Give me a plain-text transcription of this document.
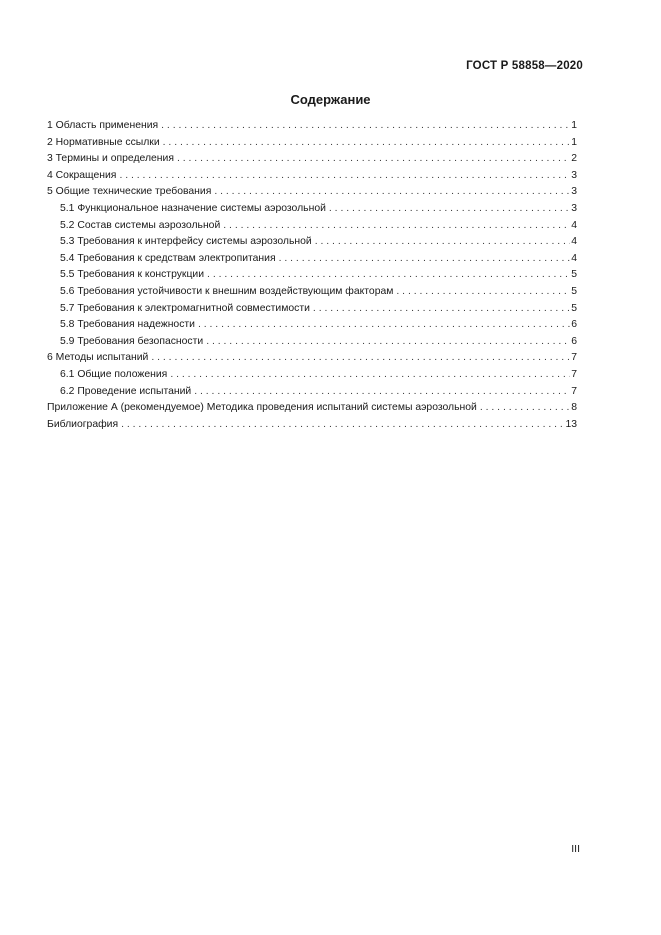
ГОСТ Р 58858—2020
Содержание
1 Область применения . . .	1
2 Нормативные ссылки . . .	1
3 Термины и определения . . .	2
4 Сокращения . . .	3
5 Общие технические требования . . .	3
5.1 Функциональное назначение системы аэрозольной . . .	3
5.2 Состав системы аэрозольной . . .	4
5.3 Требования к интерфейсу системы аэрозольной . . .	4
5.4 Требования к средствам электропитания . . .	4
5.5 Требования к конструкции . . .	5
5.6 Требования устойчивости к внешним воздействующим факторам . . .	5
5.7 Требования к электромагнитной совместимости . . .	5
5.8 Требования надежности . . .	6
5.9 Требования безопасности . . .	6
6 Методы испытаний . . .	7
6.1 Общие положения . . .	7
6.2 Проведение испытаний . . .	7
Приложение А (рекомендуемое) Методика проведения испытаний системы аэрозольной . . .	8
Библиография . . .	13
III
